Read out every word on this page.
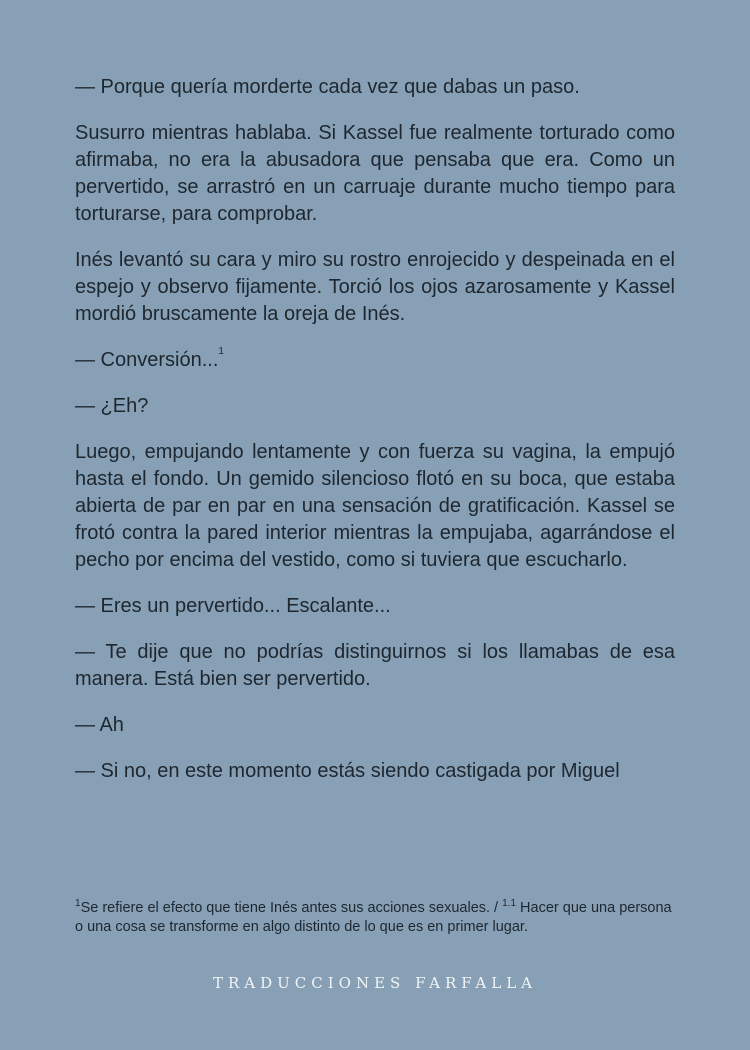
— Porque quería morderte cada vez que dabas un paso.

Susurro mientras hablaba. Si Kassel fue realmente torturado como afirmaba, no era la abusadora que pensaba que era. Como un pervertido, se arrastró en un carruaje durante mucho tiempo para torturarse, para comprobar.

Inés levantó su cara y miro su rostro enrojecido y despeinada en el espejo y observo fijamente. Torció los ojos azarosamente y Kassel mordió bruscamente la oreja de Inés.

— Conversión...$^1$

— ¿Eh?

Luego, empujando lentamente y con fuerza su vagina, la empujó hasta el fondo. Un gemido silencioso flotó en su boca, que estaba abierta de par en par en una sensación de gratificación. Kassel se frotó contra la pared interior mientras la empujaba, agarrándose el pecho por encima del vestido, como si tuviera que escucharlo.

— Eres un pervertido... Escalante...

— Te dije que no podrías distinguirnos si los llamabas de esa manera. Está bien ser pervertido.

— Ah

— Si no, en este momento estás siendo castigada por Miguel

$^1$Se refiere el efecto que tiene Inés antes sus acciones sexuales. / $^{1.1}$ Hacer que una persona o una cosa se transforme en algo distinto de lo que es en primer lugar.
TRADUCCIONES FARFALLA
